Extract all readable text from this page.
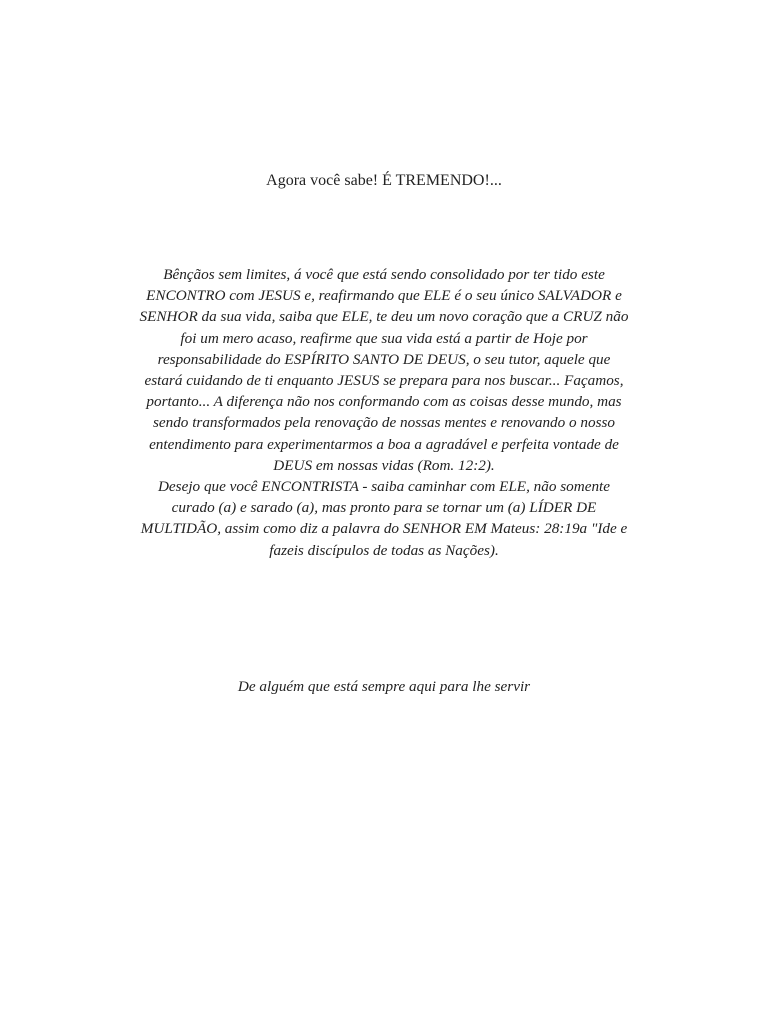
Agora você sabe! É TREMENDO!...

Bênçãos sem limites, á você que está sendo consolidado por ter tido este
ENCONTRO com JESUS e, reafirmando que ELE é o seu único SALVADOR e
SENHOR da sua vida, saiba que ELE, te deu um novo coração que a CRUZ não
foi um mero acaso, reafirme que sua vida está a partir de Hoje por
responsabilidade do ESPÍRITO SANTO DE DEUS, o seu tutor, aquele que
estará cuidando de ti enquanto JESUS se prepara para nos buscar... Façamos,
portanto... A diferença não nos conformando com as coisas desse mundo, mas
sendo transformados pela renovação de nossas mentes e renovando o nosso
entendimento para experimentarmos a boa a agradável e perfeita vontade de
DEUS em nossas vidas (Rom. 12:2).
Desejo que você ENCONTRISTA - saiba caminhar com ELE, não somente
curado (a) e sarado (a), mas pronto para se tornar um (a) LÍDER DE
MULTIDÃO, assim como diz a palavra do SENHOR EM Mateus: 28:19a "Ide e
fazeis discípulos de todas as Nações).

De alguém que está sempre aqui para lhe servir
